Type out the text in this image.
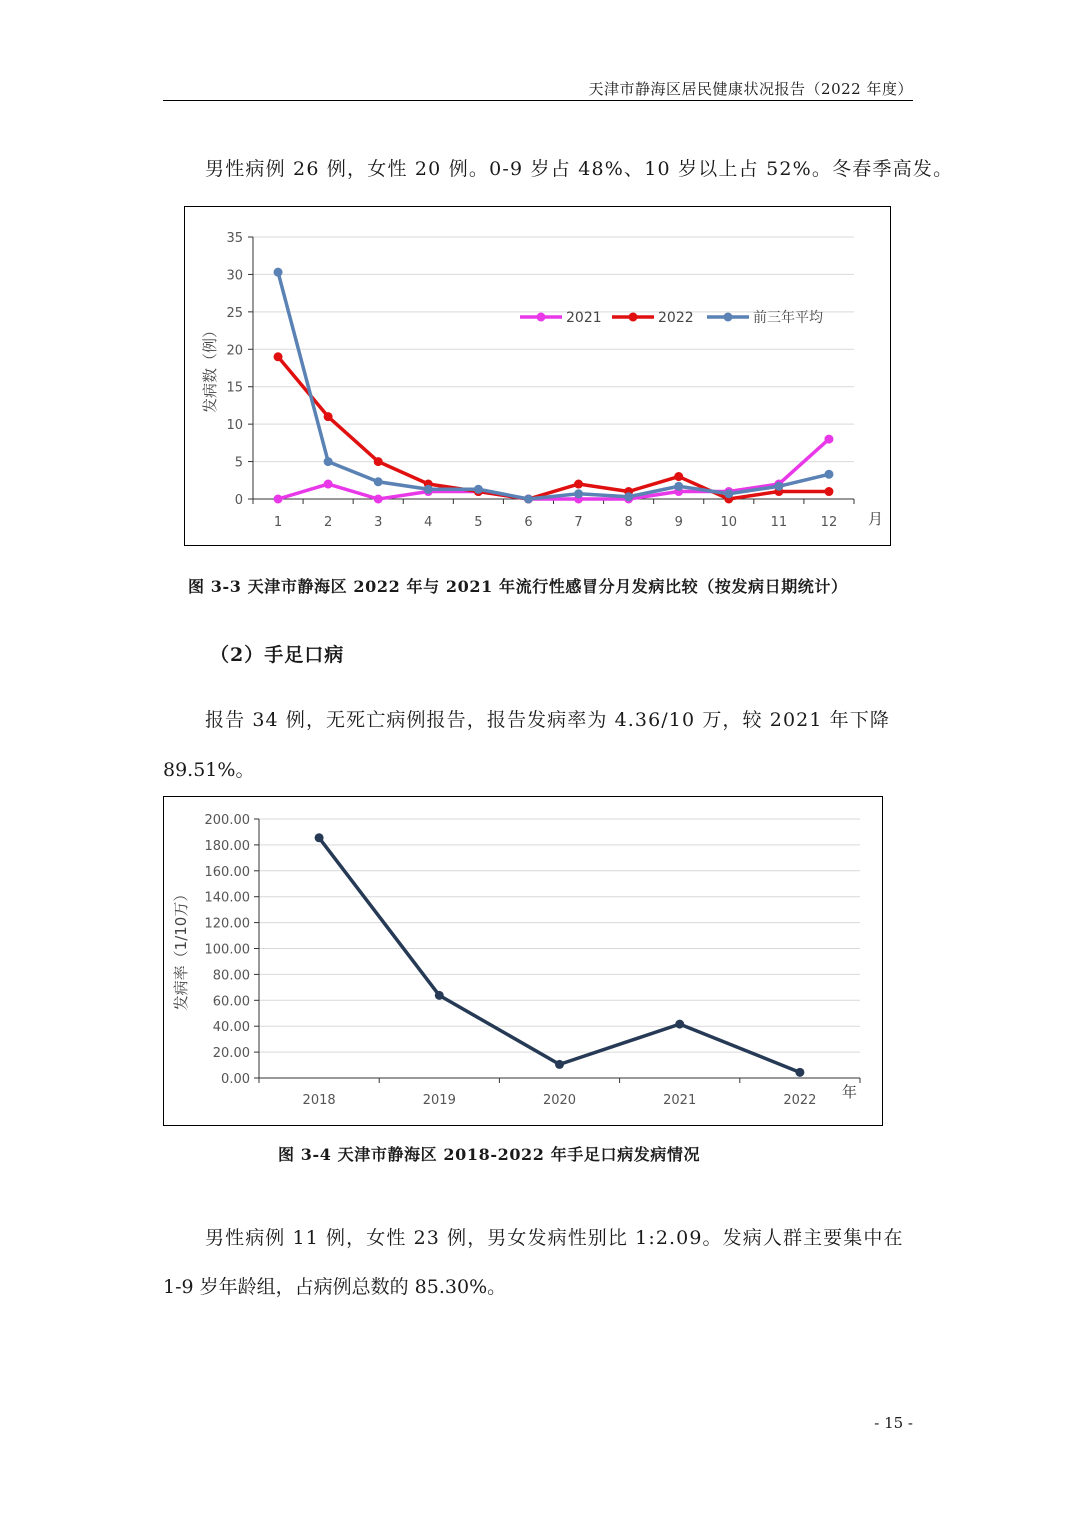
天津市静海区居民健康状况报告（2022 年度）
男性病例 26 例，女性 20 例。0-9 岁占 48%、10 岁以上占 52%。冬春季高发。
0
5
10
15
20
25
30
35
1	2	3	4	5	6	7	8	9	10	11	12 月
发病数（例）
2021	2022	前三年平均
图 3-3 天津市静海区 2022 年与 2021 年流行性感冒分月发病比较（按发病日期统计）
（2）手足口病
报告 34 例，无死亡病例报告，报告发病率为 4.36/10 万，较 2021 年下降
89.51%。
0.00
20.00
40.00
60.00
80.00
100.00
120.00
140.00
160.00
180.00
200.00
2018	2019	2020	2021	2022 年
发病率（1/10万）
图 3-4 天津市静海区 2018-2022 年手足口病发病情况
男性病例 11 例，女性 23 例，男女发病性别比 1:2.09。发病人群主要集中在
1-9 岁年龄组，占病例总数的 85.30%。
- 15 -
